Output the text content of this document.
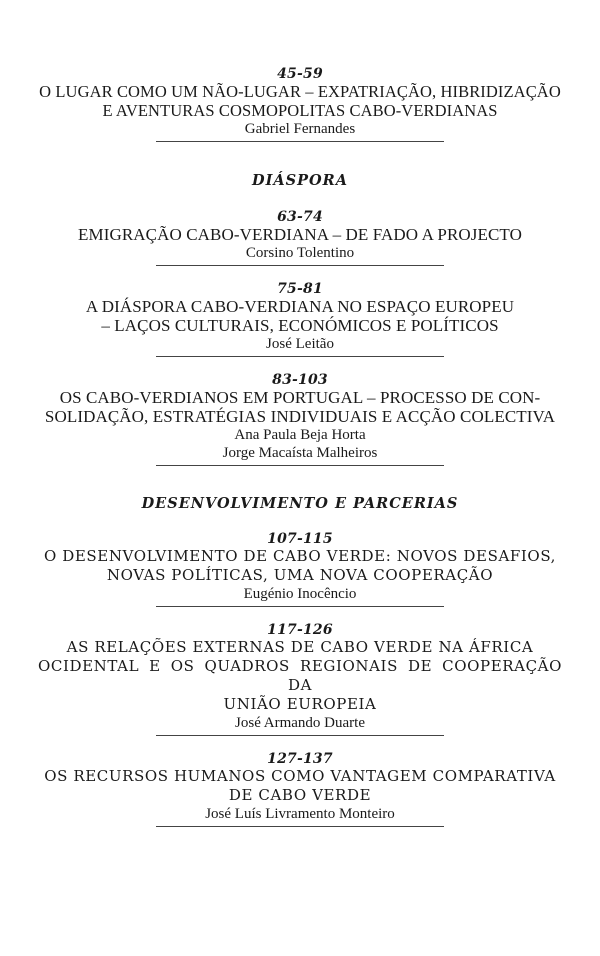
45-59
O LUGAR COMO UM NÃO-LUGAR – EXPATRIAÇÃO, HIBRIDIZAÇÃO
E AVENTURAS COSMOPOLITAS CABO-VERDIANAS
Gabriel Fernandes
DIÁSPORA
63-74
EMIGRAÇÃO CABO-VERDIANA – DE FADO A PROJECTO
Corsino Tolentino
75-81
A DIÁSPORA CABO-VERDIANA NO ESPAÇO EUROPEU
– LAÇOS CULTURAIS, ECONÓMICOS E POLÍTICOS
José Leitão
83-103
OS CABO-VERDIANOS EM PORTUGAL – PROCESSO DE CON-
SOLIDAÇÃO, ESTRATÉGIAS INDIVIDUAIS E ACÇÃO COLECTIVA
Ana Paula Beja Horta
Jorge Macaísta Malheiros
DESENVOLVIMENTO E PARCERIAS
107-115
O DESENVOLVIMENTO DE CABO VERDE: NOVOS DESAFIOS,
NOVAS POLÍTICAS, UMA NOVA COOPERAÇÃO
Eugénio Inocêncio
117-126
AS RELAÇÕES EXTERNAS DE CABO VERDE NA ÁFRICA
OCIDENTAL E OS QUADROS REGIONAIS DE COOPERAÇÃO DA
UNIÃO EUROPEIA
José Armando Duarte
127-137
OS RECURSOS HUMANOS COMO VANTAGEM COMPARATIVA
DE CABO VERDE
José Luís Livramento Monteiro
